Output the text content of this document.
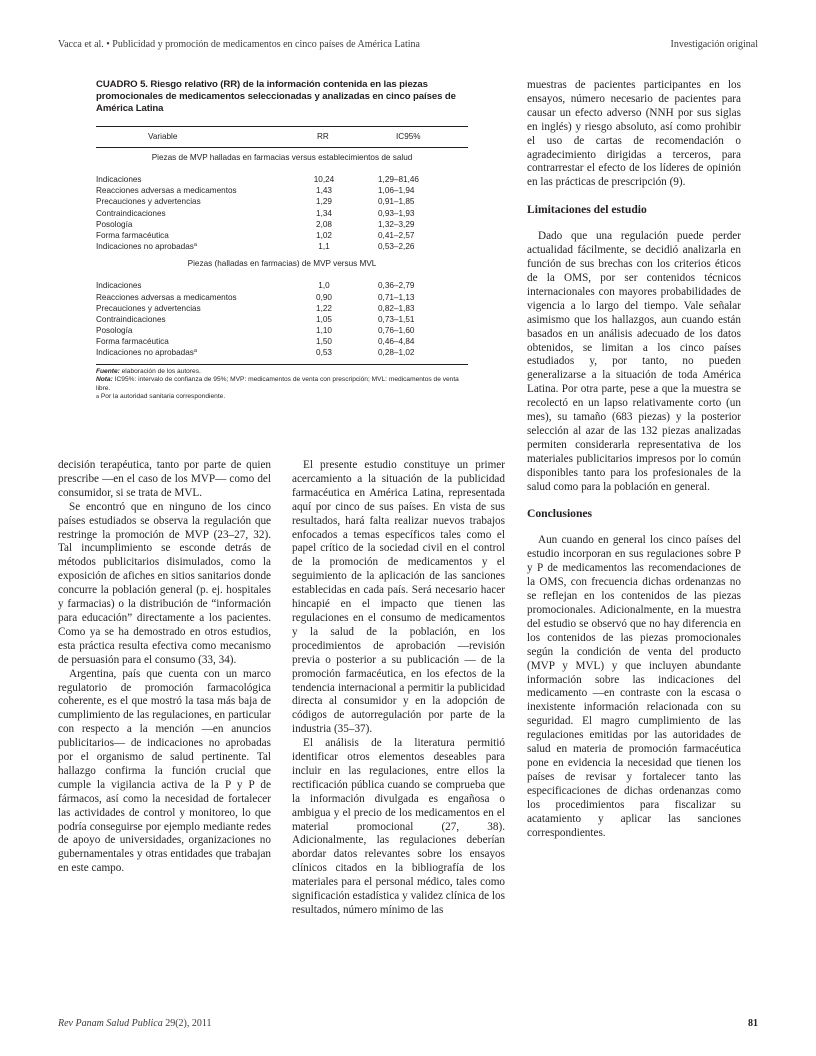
Vacca et al. • Publicidad y promoción de medicamentos en cinco países de América Latina	Investigación original
CUADRO 5. Riesgo relativo (RR) de la información contenida en las piezas promocionales de medicamentos seleccionadas y analizadas en cinco países de América Latina
Variable	RR	IC95%
Piezas de MVP halladas en farmacias versus establecimientos de salud
Indicaciones	10,24	1,29–81,46
Reacciones adversas a medicamentos	1,43	1,06–1,94
Precauciones y advertencias	1,29	0,91–1,85
Contraindicaciones	1,34	0,93–1,93
Posología	2,08	1,32–3,29
Forma farmacéutica	1,02	0,41–2,57
Indicaciones no aprobadas$^a$	1,1	0,53–2,26
Piezas (halladas en farmacias) de MVP versus MVL
Indicaciones	1,0	0,36–2,79
Reacciones adversas a medicamentos	0,90	0,71–1,13
Precauciones y advertencias	1,22	0,82–1,83
Contraindicaciones	1,05	0,73–1,51
Posología	1,10	0,76–1,60
Forma farmacéutica	1,50	0,46–4,84
Indicaciones no aprobadas$^a$	0,53	0,28–1,02
Fuente: elaboración de los autores.
Nota: IC95%: intervalo de confianza de 95%; MVP: medicamentos de venta con prescripción; MVL: medicamentos de venta libre.
$^a$ Por la autoridad sanitaria correspondiente.

decisión terapéutica, tanto por parte de quien prescribe —en el caso de los MVP— como del consumidor, si se trata de MVL.

Se encontró que en ninguno de los cinco países estudiados se observa la regulación que restringe la promoción de MVP (23–27, 32). Tal incumplimiento se esconde detrás de métodos publicitarios disimulados, como la exposición de afiches en sitios sanitarios donde concurre la población general (p. ej. hospitales y farmacias) o la distribución de “información para educación” directamente a los pacientes. Como ya se ha demostrado en otros estudios, esta práctica resulta efectiva como mecanismo de persuasión para el consumo (33, 34).

Argentina, país que cuenta con un marco regulatorio de promoción farmacológica coherente, es el que mostró la tasa más baja de cumplimiento de las regulaciones, en particular con respecto a la mención —en anuncios publicitarios— de indicaciones no aprobadas por el organismo de salud pertinente. Tal hallazgo confirma la función crucial que cumple la vigilancia activa de la P y P de fármacos, así como la necesidad de fortalecer las actividades de control y monitoreo, lo que podría conseguirse por ejemplo mediante redes de apoyo de universidades, organizaciones no gubernamentales y otras entidades que trabajan en este campo.

El presente estudio constituye un primer acercamiento a la situación de la publicidad farmacéutica en América Latina, representada aquí por cinco de sus países. En vista de sus resultados, hará falta realizar nuevos trabajos enfocados a temas específicos tales como el papel crítico de la sociedad civil en el control de la promoción de medicamentos y el seguimiento de la aplicación de las sanciones establecidas en cada país. Será necesario hacer hincapié en el impacto que tienen las regulaciones en el consumo de medicamentos y la salud de la población, en los procedimientos de aprobación —revisión previa o posterior a su publicación — de la promoción farmacéutica, en los efectos de la tendencia internacional a permitir la publicidad directa al consumidor y en la adopción de códigos de autorregulación por parte de la industria (35–37).

El análisis de la literatura permitió identificar otros elementos deseables para incluir en las regulaciones, entre ellos la rectificación pública cuando se comprueba que la información divulgada es engañosa o ambigua y el precio de los medicamentos en el material promocional (27, 38). Adicionalmente, las regulaciones deberían abordar datos relevantes sobre los ensayos clínicos citados en la bibliografía de los materiales para el personal médico, tales como significación estadística y validez clínica de los resultados, número mínimo de las

muestras de pacientes participantes en los ensayos, número necesario de pacientes para causar un efecto adverso (NNH por sus siglas en inglés) y riesgo absoluto, así como prohibir el uso de cartas de recomendación o agradecimiento dirigidas a terceros, para contrarrestar el efecto de los líderes de opinión en las prácticas de prescripción (9).

Limitaciones del estudio

Dado que una regulación puede perder actualidad fácilmente, se decidió analizarla en función de sus brechas con los criterios éticos de la OMS, por ser contenidos técnicos internacionales con mayores probabilidades de vigencia a lo largo del tiempo. Vale señalar asimismo que los hallazgos, aun cuando están basados en un análisis adecuado de los datos obtenidos, se limitan a los cinco países estudiados y, por tanto, no pueden generalizarse a la situación de toda América Latina. Por otra parte, pese a que la muestra se recolectó en un lapso relativamente corto (un mes), su tamaño (683 piezas) y la posterior selección al azar de las 132 piezas analizadas permiten considerarla representativa de los materiales publicitarios impresos por lo común disponibles tanto para los profesionales de la salud como para la población en general.

Conclusiones

Aun cuando en general los cinco países del estudio incorporan en sus regulaciones sobre P y P de medicamentos las recomendaciones de la OMS, con frecuencia dichas ordenanzas no se reflejan en los contenidos de las piezas promocionales. Adicionalmente, en la muestra del estudio se observó que no hay diferencia en los contenidos de las piezas promocionales según la condición de venta del producto (MVP y MVL) y que incluyen abundante información sobre las indicaciones del medicamento —en contraste con la escasa o inexistente información relacionada con su seguridad. El magro cumplimiento de las regulaciones emitidas por las autoridades de salud en materia de promoción farmacéutica pone en evidencia la necesidad que tienen los países de revisar y fortalecer tanto las especificaciones de dichas ordenanzas como los procedimientos para fiscalizar su acatamiento y aplicar las sanciones correspondientes.

Rev Panam Salud Publica 29(2), 2011	81
